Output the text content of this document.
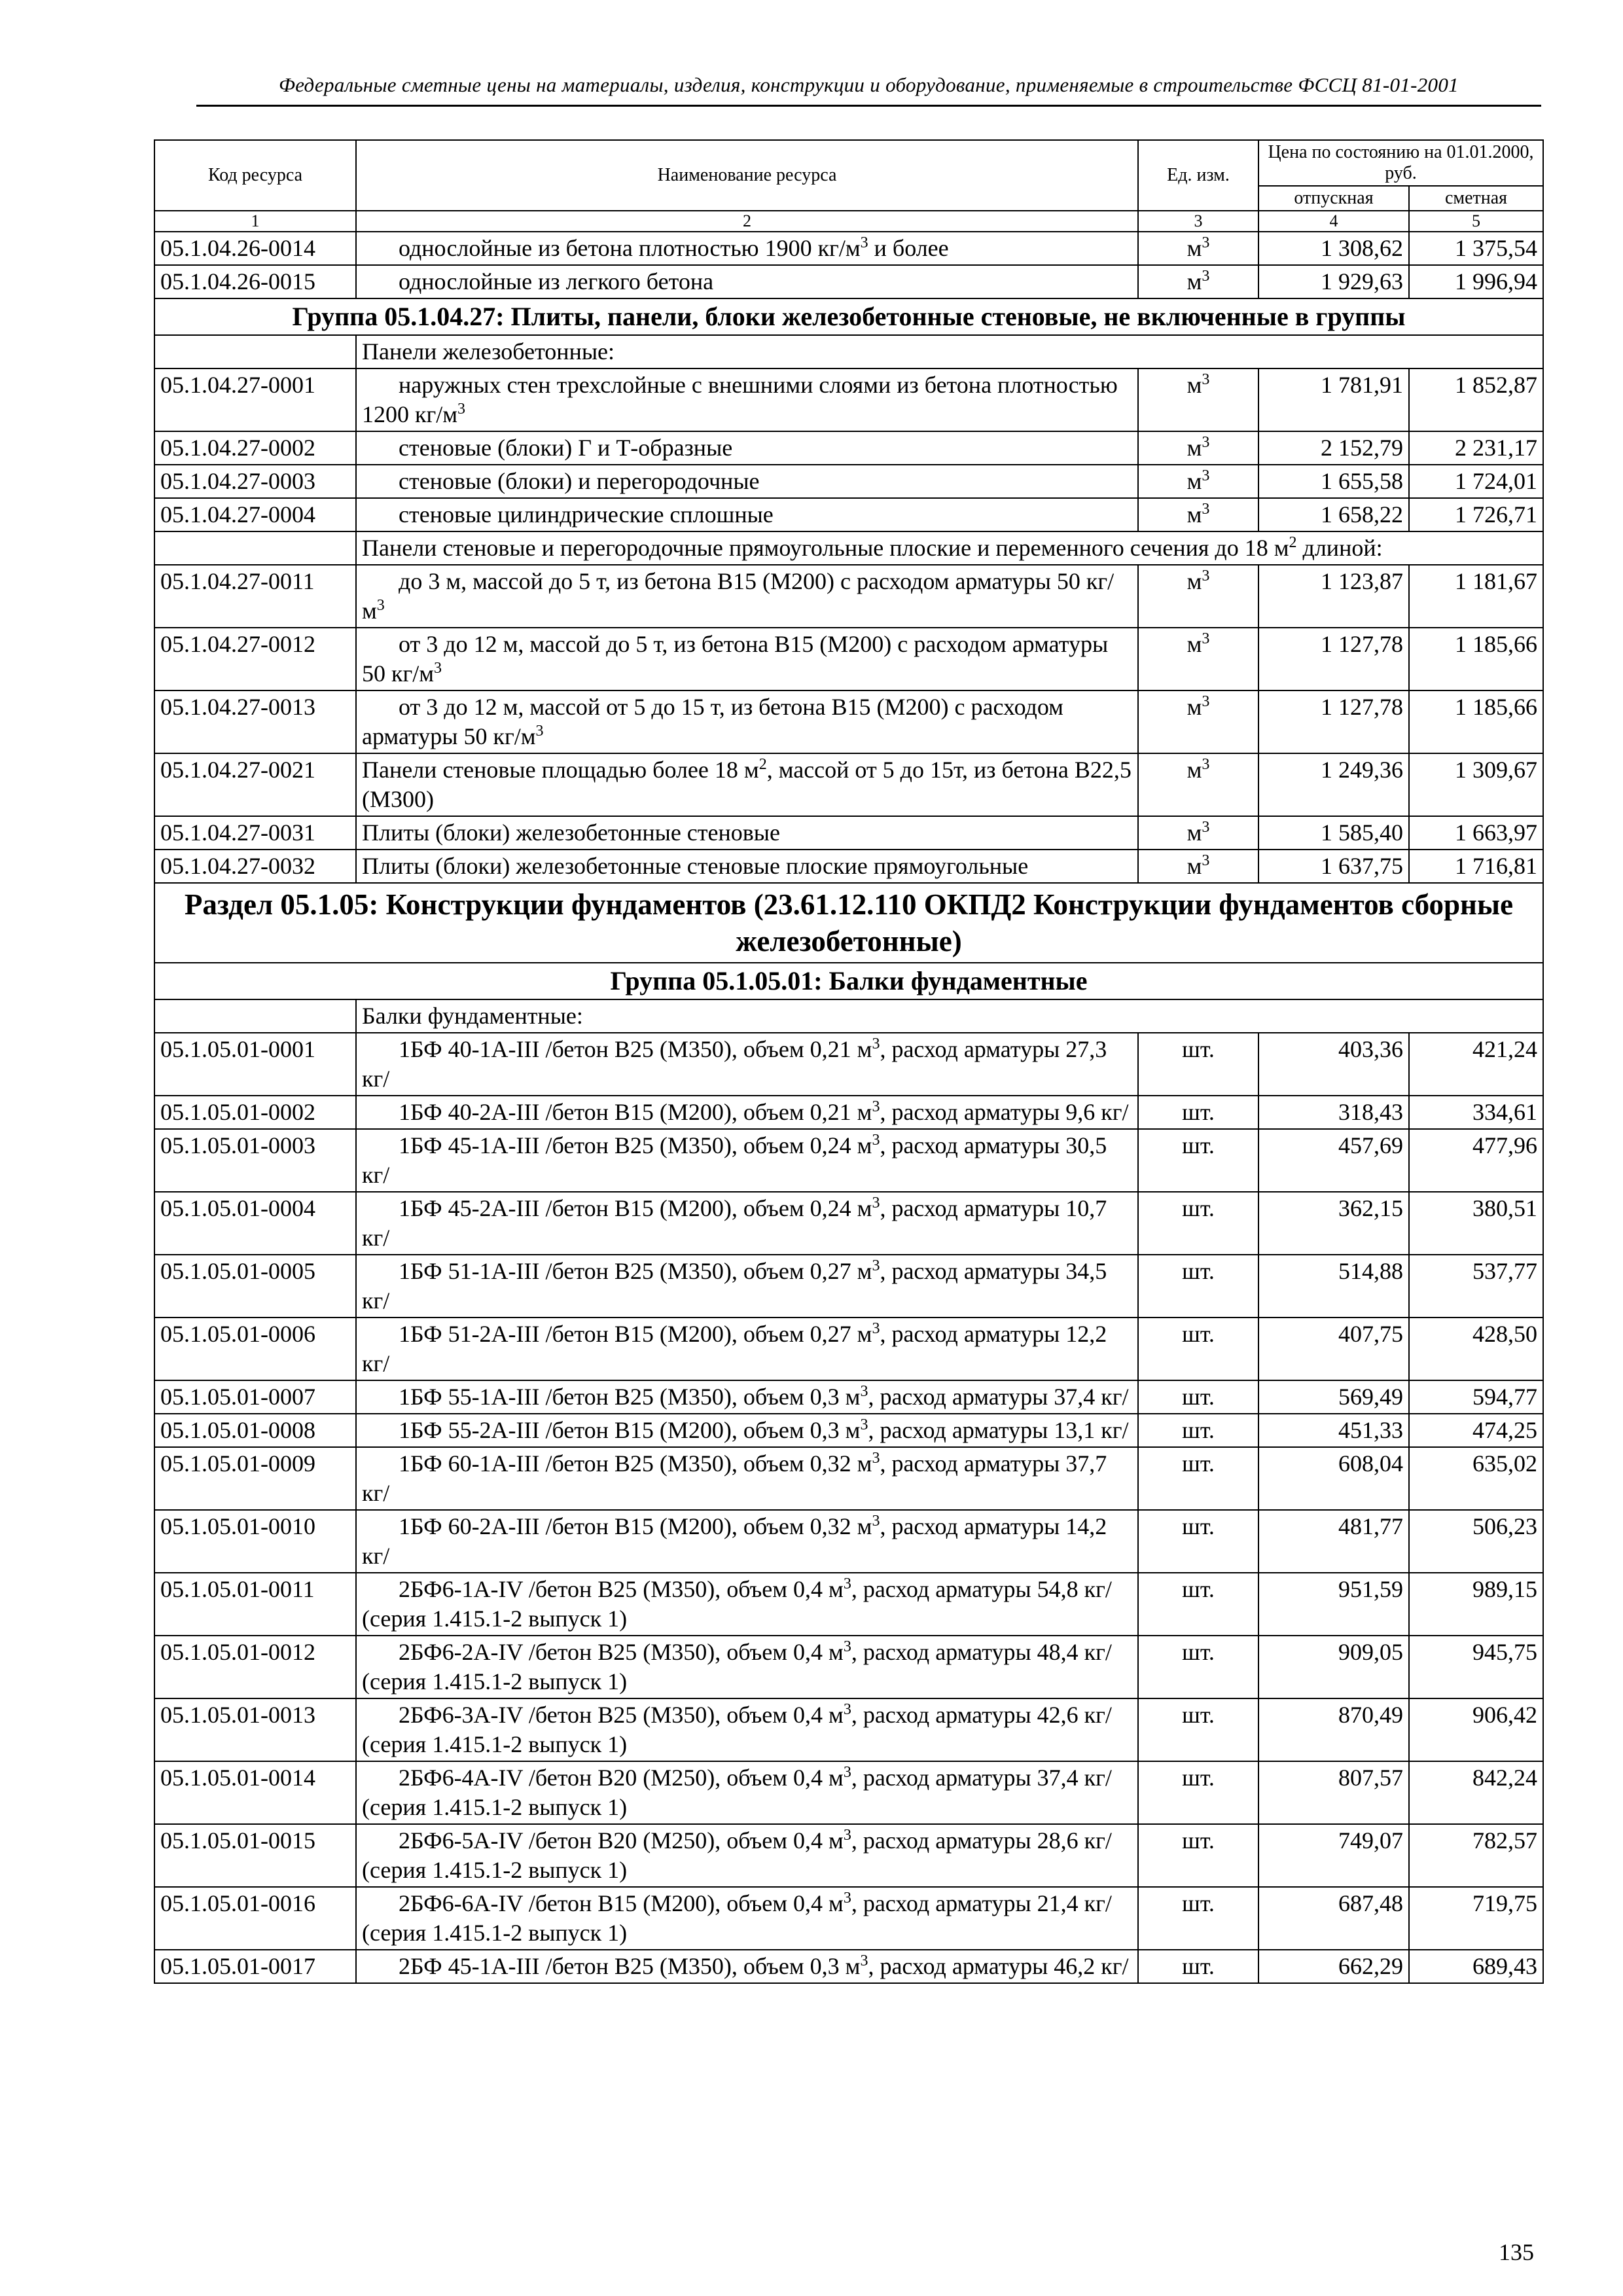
Федеральные сметные цены на материалы, изделия, конструкции и оборудование, применяемые в строительстве ФССЦ 81-01-2001
Код ресурса	Наименование ресурса	Ед. изм.	Цена по состоянию на 01.01.2000, руб.	
			отпускная	сметная
1	2	3	4	5
05.1.04.26-0014	однослойные из бетона плотностью 1900 $кг/м^3$ и более	$м^3$	1 308,62	1 375,54
05.1.04.26-0015	однослойные из легкого бетона	$м^3$	1 929,63	1 996,94
Группа 05.1.04.27: Плиты, панели, блоки железобетонные стеновые, не включенные в группы				
	Панели железобетонные:			
05.1.04.27-0001	наружных стен трехслойные с внешними слоями из бетона плотностью 1200 $кг/м^3$	$м^3$	1 781,91	1 852,87
05.1.04.27-0002	стеновые (блоки) Г и Т-образные	$м^3$	2 152,79	2 231,17
05.1.04.27-0003	стеновые (блоки) и перегородочные	$м^3$	1 655,58	1 724,01
05.1.04.27-0004	стеновые цилиндрические сплошные	$м^3$	1 658,22	1 726,71
	Панели стеновые и перегородочные прямоугольные плоские и переменного сечения до 18 $м^2$ длиной:			
05.1.04.27-0011	до 3 м, массой до 5 т, из бетона В15 (М200) с расходом арматуры 50 $кг/м^3$	$м^3$	1 123,87	1 181,67
05.1.04.27-0012	от 3 до 12 м, массой до 5 т, из бетона В15 (М200) с расходом арматуры 50 $кг/м^3$	$м^3$	1 127,78	1 185,66
05.1.04.27-0013	от 3 до 12 м, массой от 5 до 15 т, из бетона В15 (М200) с расходом арматуры 50 $кг/м^3$	$м^3$	1 127,78	1 185,66
05.1.04.27-0021	Панели стеновые площадью более 18 $м^2$, массой от 5 до 15т, из бетона В22,5 (М300)	$м^3$	1 249,36	1 309,67
05.1.04.27-0031	Плиты (блоки) железобетонные стеновые	$м^3$	1 585,40	1 663,97
05.1.04.27-0032	Плиты (блоки) железобетонные стеновые плоские прямоугольные	$м^3$	1 637,75	1 716,81
Раздел 05.1.05: Конструкции фундаментов (23.61.12.110 ОКПД2 Конструкции фундаментов сборные железобетонные)				
Группа 05.1.05.01: Балки фундаментные				
	Балки фундаментные:			
05.1.05.01-0001	1БФ 40-1А-III /бетон В25 (М350), объем 0,21 $м^3$, расход арматуры 27,3 кг/	шт.	403,36	421,24
05.1.05.01-0002	1БФ 40-2А-III /бетон В15 (М200), объем 0,21 $м^3$, расход арматуры 9,6 кг/	шт.	318,43	334,61
05.1.05.01-0003	1БФ 45-1А-III /бетон В25 (М350), объем 0,24 $м^3$, расход арматуры 30,5 кг/	шт.	457,69	477,96
05.1.05.01-0004	1БФ 45-2А-III /бетон В15 (М200), объем 0,24 $м^3$, расход арматуры 10,7 кг/	шт.	362,15	380,51
05.1.05.01-0005	1БФ 51-1А-III /бетон В25 (М350), объем 0,27 $м^3$, расход арматуры 34,5 кг/	шт.	514,88	537,77
05.1.05.01-0006	1БФ 51-2А-III /бетон В15 (М200), объем 0,27 $м^3$, расход арматуры 12,2 кг/	шт.	407,75	428,50
05.1.05.01-0007	1БФ 55-1А-III /бетон В25 (М350), объем 0,3 $м^3$, расход арматуры 37,4 кг/	шт.	569,49	594,77
05.1.05.01-0008	1БФ 55-2А-III /бетон В15 (М200), объем 0,3 $м^3$, расход арматуры 13,1 кг/	шт.	451,33	474,25
05.1.05.01-0009	1БФ 60-1А-III /бетон В25 (М350), объем 0,32 $м^3$, расход арматуры 37,7 кг/	шт.	608,04	635,02
05.1.05.01-0010	1БФ 60-2А-III /бетон В15 (М200), объем 0,32 $м^3$, расход арматуры 14,2 кг/	шт.	481,77	506,23
05.1.05.01-0011	2БФ6-1А-IV /бетон В25 (М350), объем 0,4 $м^3$, расход арматуры 54,8 кг/ (серия 1.415.1-2 выпуск 1)	шт.	951,59	989,15
05.1.05.01-0012	2БФ6-2А-IV /бетон В25 (М350), объем 0,4 $м^3$, расход арматуры 48,4 кг/ (серия 1.415.1-2 выпуск 1)	шт.	909,05	945,75
05.1.05.01-0013	2БФ6-3А-IV /бетон В25 (М350), объем 0,4 $м^3$, расход арматуры 42,6 кг/ (серия 1.415.1-2 выпуск 1)	шт.	870,49	906,42
05.1.05.01-0014	2БФ6-4А-IV /бетон В20 (М250), объем 0,4 $м^3$, расход арматуры 37,4 кг/ (серия 1.415.1-2 выпуск 1)	шт.	807,57	842,24
05.1.05.01-0015	2БФ6-5А-IV /бетон В20 (М250), объем 0,4 $м^3$, расход арматуры 28,6 кг/ (серия 1.415.1-2 выпуск 1)	шт.	749,07	782,57
05.1.05.01-0016	2БФ6-6А-IV /бетон В15 (М200), объем 0,4 $м^3$, расход арматуры 21,4 кг/ (серия 1.415.1-2 выпуск 1)	шт.	687,48	719,75
05.1.05.01-0017	2БФ 45-1А-III /бетон В25 (М350), объем 0,3 $м^3$, расход арматуры 46,2 кг/	шт.	662,29	689,43
135
